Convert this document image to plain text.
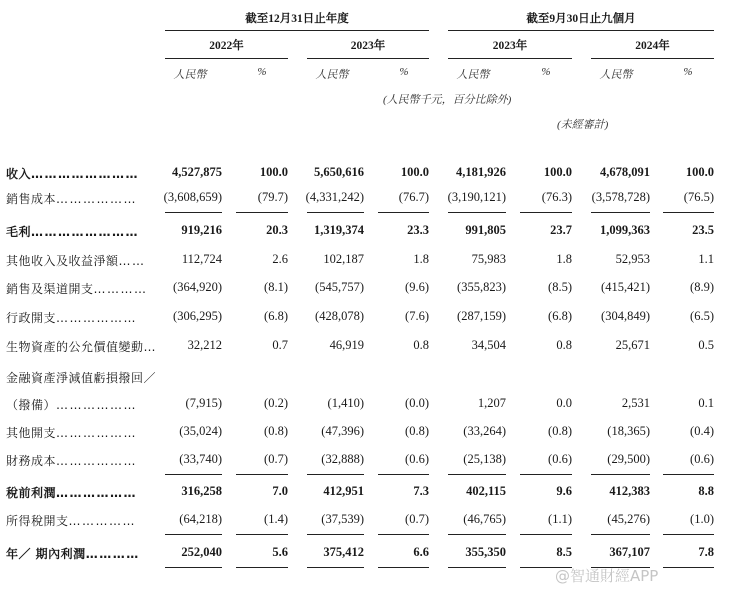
截至12月31日止年度	截至9月30日止九個月
2022年	2023年	2023年	2024年
人民幣	%	人民幣	%	人民幣	%	人民幣	%
(人民幣千元，百分比除外)
(未經審計)
收入……………………	4,527,875	100.0 5,650,616	100.0 4,181,926	100.0 4,678,091	100.0
銷售成本……………… (3,608,659)	(79.7) (4,331,242)	(76.7) (3,190,121)	(76.3) (3,578,728)	(76.5)
毛利……………………	919,216	20.3 1,319,374	23.3	991,805	23.7 1,099,363	23.5
其他收入及收益淨額……	112,724	2.6	102,187	1.8	75,983	1.8	52,953	1.1
銷售及渠道開支………… (364,920)	(8.1) (545,757)	(9.6) (355,823)	(8.5) (415,421)	(8.9)
行政開支………………	(306,295)	(6.8) (428,078)	(7.6) (287,159)	(6.8) (304,849)	(6.5)
生物資產的公允價值變動… 32,212	0.7	46,919	0.8	34,504	0.8	25,671	0.5
金融資產淨減值虧損撥回／
（撥備）………………	(7,915)	(0.2)	(1,410)	(0.0)	1,207	0.0	2,531	0.1
其他開支………………	(35,024)	(0.8)	(47,396)	(0.8)	(33,264)	(0.8)	(18,365)	(0.4)
財務成本………………	(33,740)	(0.7)	(32,888)	(0.6)	(25,138)	(0.6)	(29,500)	(0.6)
稅前利潤………………	316,258	7.0	412,951	7.3	402,115	9.6	412,383	8.8
所得稅開支……………	(64,218)	(1.4)	(37,539)	(0.7)	(46,765)	(1.1)	(45,276)	(1.0)
年／ 期內利潤…………	252,040	5.6	375,412	6.6	355,350	8.5	367,107	7.8
@智通財經APP
